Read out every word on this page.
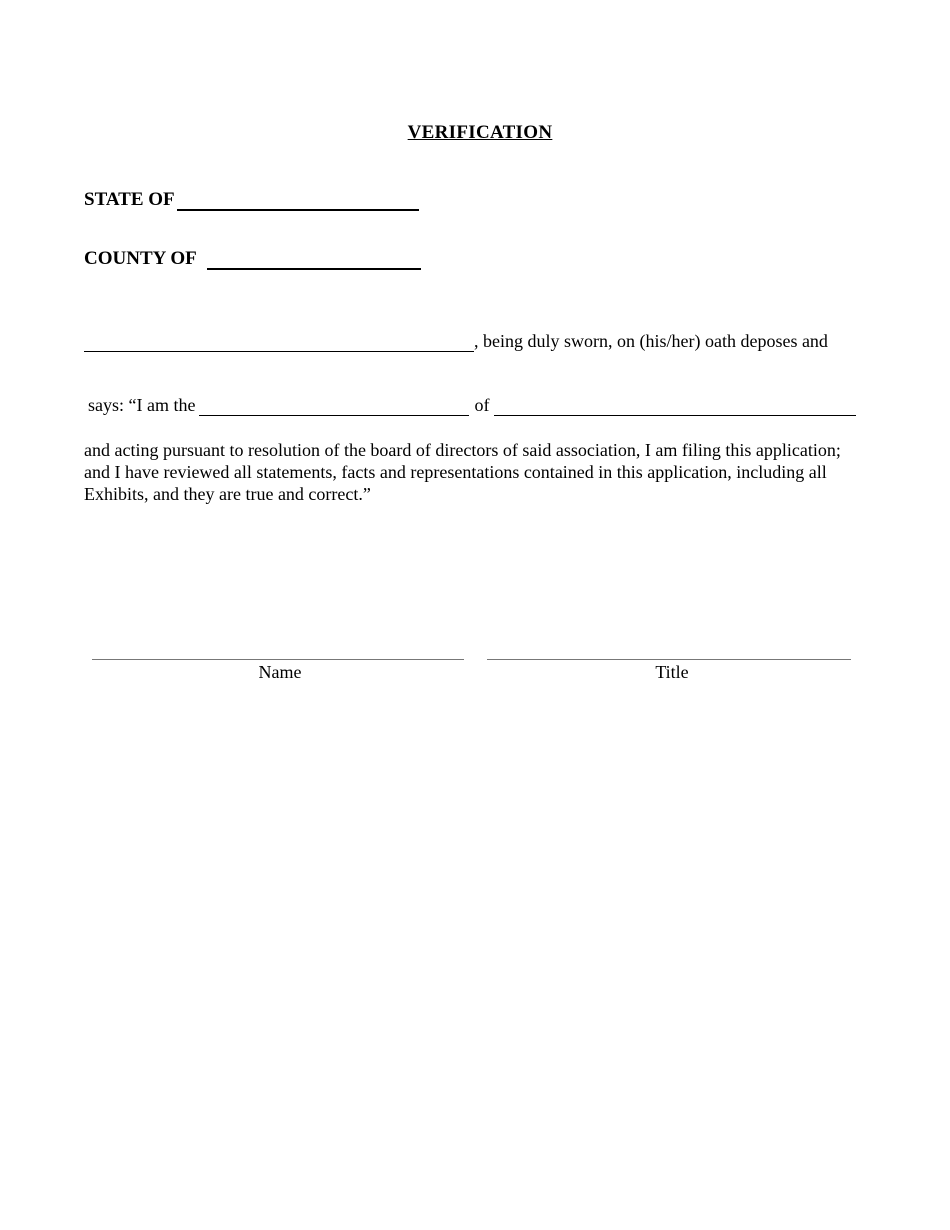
VERIFICATION
STATE OF
COUNTY OF
, being duly sworn, on (his/her) oath deposes and
says: “I am the	of
and acting pursuant to resolution of the board of directors of said association, I am filing this application; and I have reviewed all statements, facts and representations contained in this application, including all Exhibits, and they are true and correct.”
Name	Title
